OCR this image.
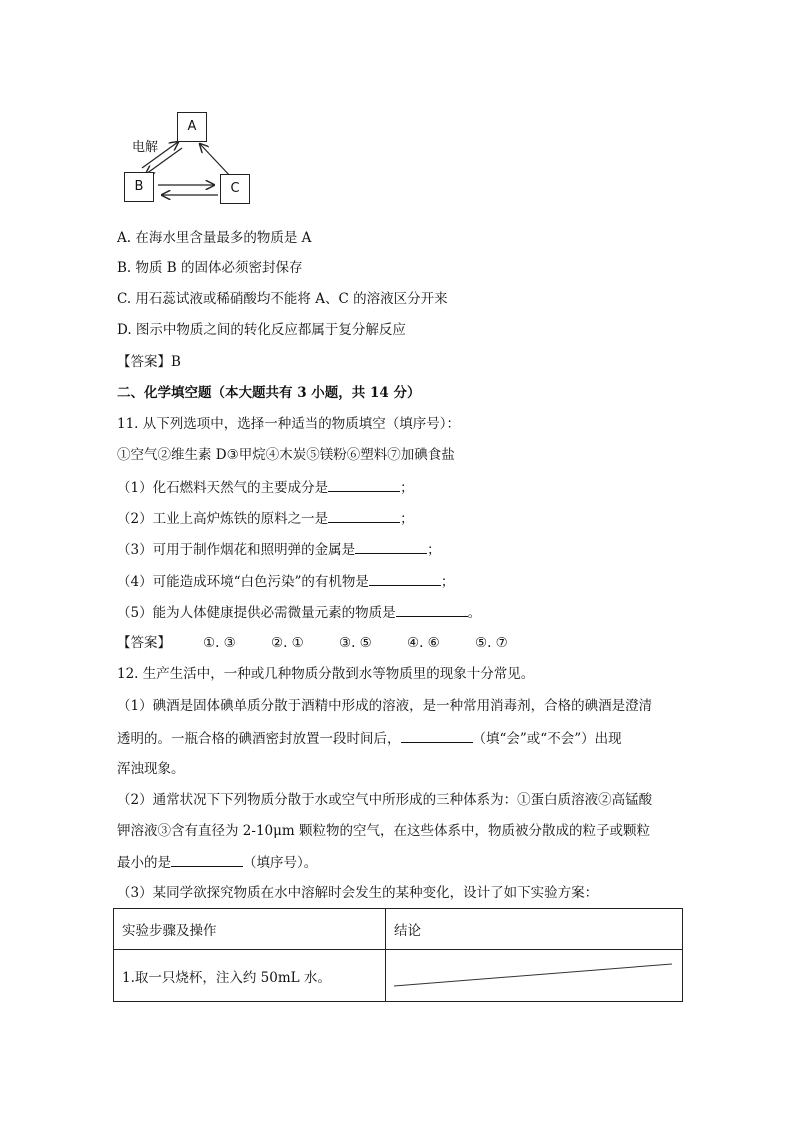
A
B	C
电解
A. 在海水里含量最多的物质是 A
B. 物质 B 的固体必须密封保存
C. 用石蕊试液或稀硝酸均不能将 A、C 的溶液区分开来
D. 图示中物质之间的转化反应都属于复分解反应
【答案】B
二、化学填空题（本大题共有 3 小题，共 14 分）
11. 从下列选项中，选择一种适当的物质填空（填序号）：
①空气②维生素 D③甲烷④木炭⑤镁粉⑥塑料⑦加碘食盐
（1）化石燃料天然气的主要成分是	；
（2）工业上高炉炼铁的原料之一是	；
（3）可用于制作烟花和照明弹的金属是	；
（4）可能造成环境“白色污染”的有机物是	；
（5）能为人体健康提供必需微量元素的物质是	。
【答案】 ①. ③	②. ①	③. ⑤	④. ⑥	⑤. ⑦
12. 生产生活中，一种或几种物质分散到水等物质里的现象十分常见。
（1）碘酒是固体碘单质分散于酒精中形成的溶液，是一种常用消毒剂，合格的碘酒是澄清
透明的。一瓶合格的碘酒密封放置一段时间后，	（填“会”或“不会”）出现
浑浊现象。
（2）通常状况下下列物质分散于水或空气中所形成的三种体系为：①蛋白质溶液②高锰酸
钾溶液③含有直径为 2-10μm 颗粒物的空气，在这些体系中，物质被分散成的粒子或颗粒
最小的是	（填序号）。
（3）某同学欲探究物质在水中溶解时会发生的某种变化，设计了如下实验方案：
实验步骤及操作	结论
1.取一只烧杯，注入约 50mL 水。	
